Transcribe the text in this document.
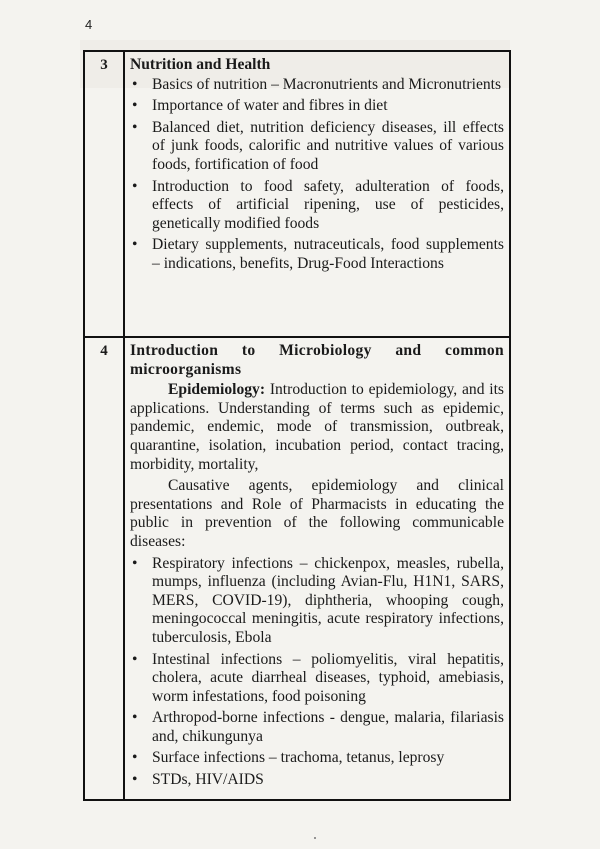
4
3	Nutrition and Health
• Basics of nutrition – Macronutrients and Micronutrients
• Importance of water and fibres in diet
• Balanced diet, nutrition deficiency diseases, ill effects of junk foods, calorific and nutritive values of various foods, fortification of food
• Introduction to food safety, adulteration of foods, effects of artificial ripening, use of pesticides, genetically modified foods
• Dietary supplements, nutraceuticals, food supplements – indications, benefits, Drug-Food Interactions

4	Introduction to Microbiology and common microorganisms

Epidemiology: Introduction to epidemiology, and its applications. Understanding of terms such as epidemic, pandemic, endemic, mode of transmission, outbreak, quarantine, isolation, incubation period, contact tracing, morbidity, mortality,

Causative agents, epidemiology and clinical presentations and Role of Pharmacists in educating the public in prevention of the following communicable diseases:

• Respiratory infections – chickenpox, measles, rubella, mumps, influenza (including Avian-Flu, H1N1, SARS, MERS, COVID-19), diphtheria, whooping cough, meningococcal meningitis, acute respiratory infections, tuberculosis, Ebola
• Intestinal infections – poliomyelitis, viral hepatitis, cholera, acute diarrheal diseases, typhoid, amebiasis, worm infestations, food poisoning
• Arthropod-borne infections - dengue, malaria, filariasis and, chikungunya
• Surface infections – trachoma, tetanus, leprosy
• STDs, HIV/AIDS
